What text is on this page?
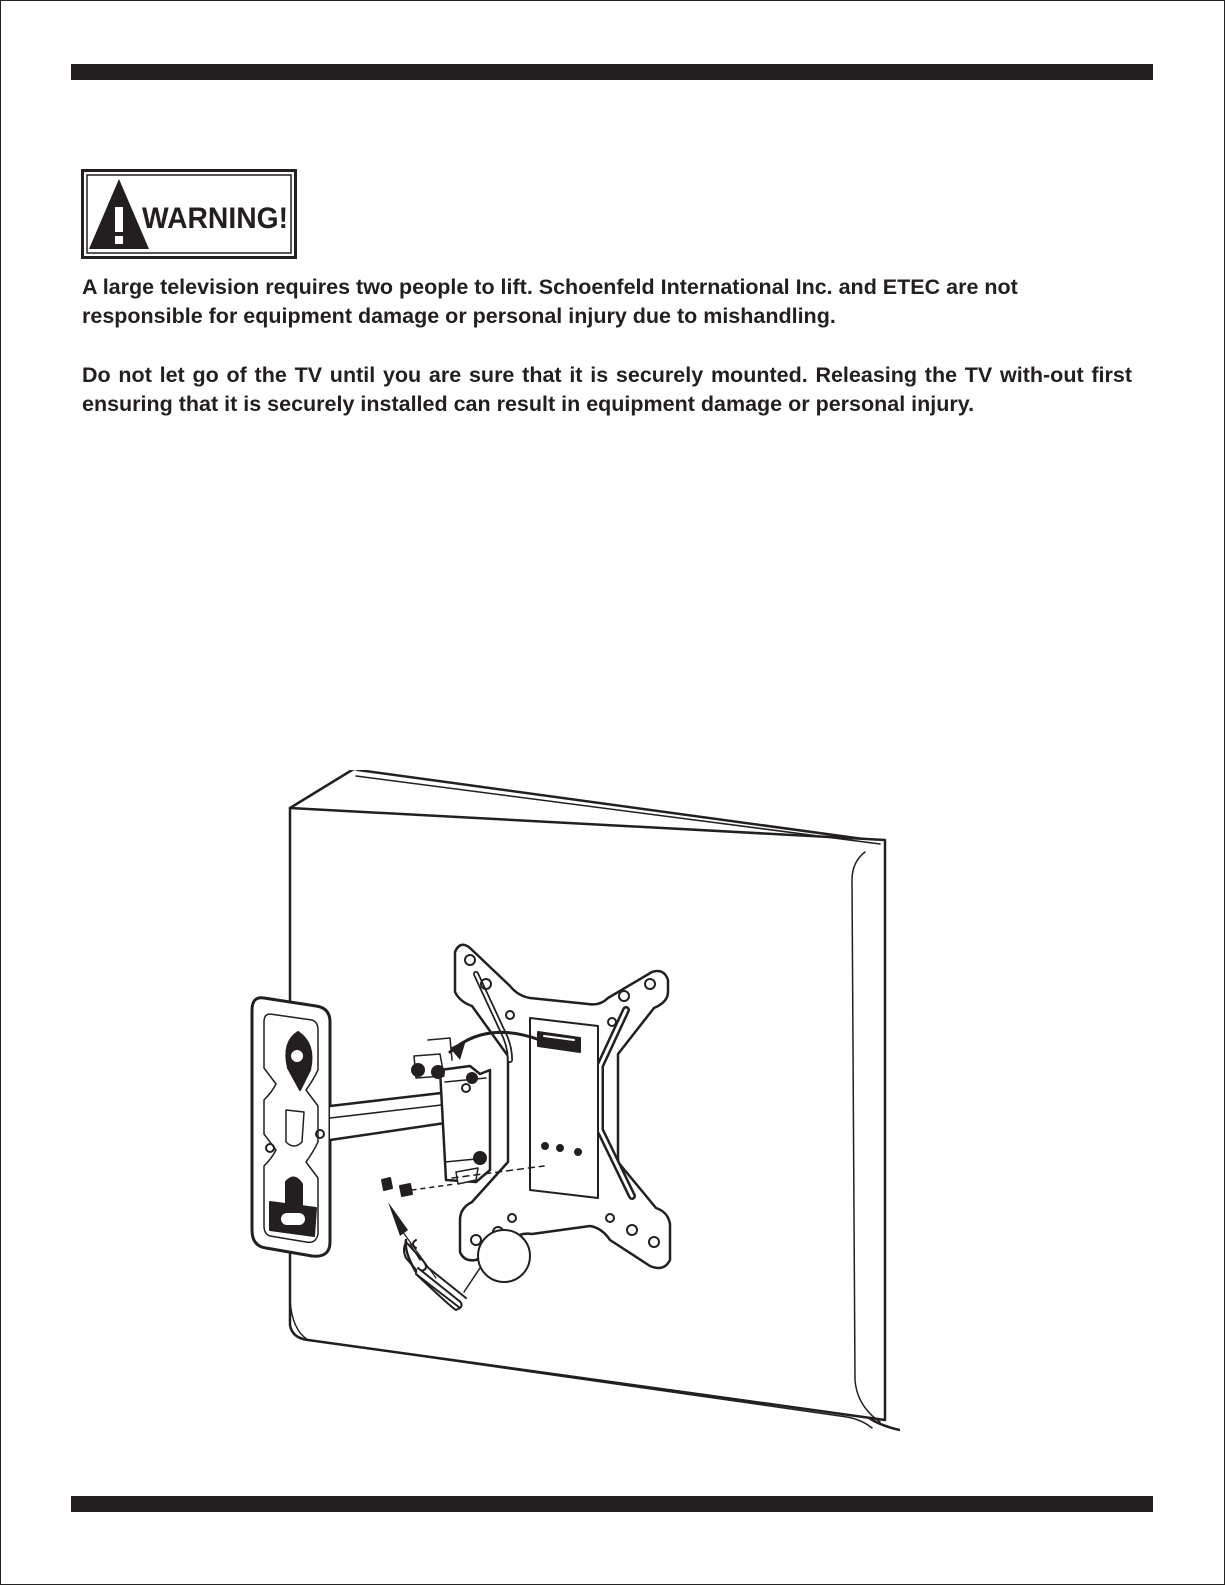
WARNING!

A large television requires two people to lift. Schoenfeld International Inc. and ETEC are not responsible for equipment damage or personal injury due to mishandling.

Do not let go of the TV until you are sure that it is securely mounted. Releasing the TV with-out first ensuring that it is securely installed can result in equipment damage or personal injury.
